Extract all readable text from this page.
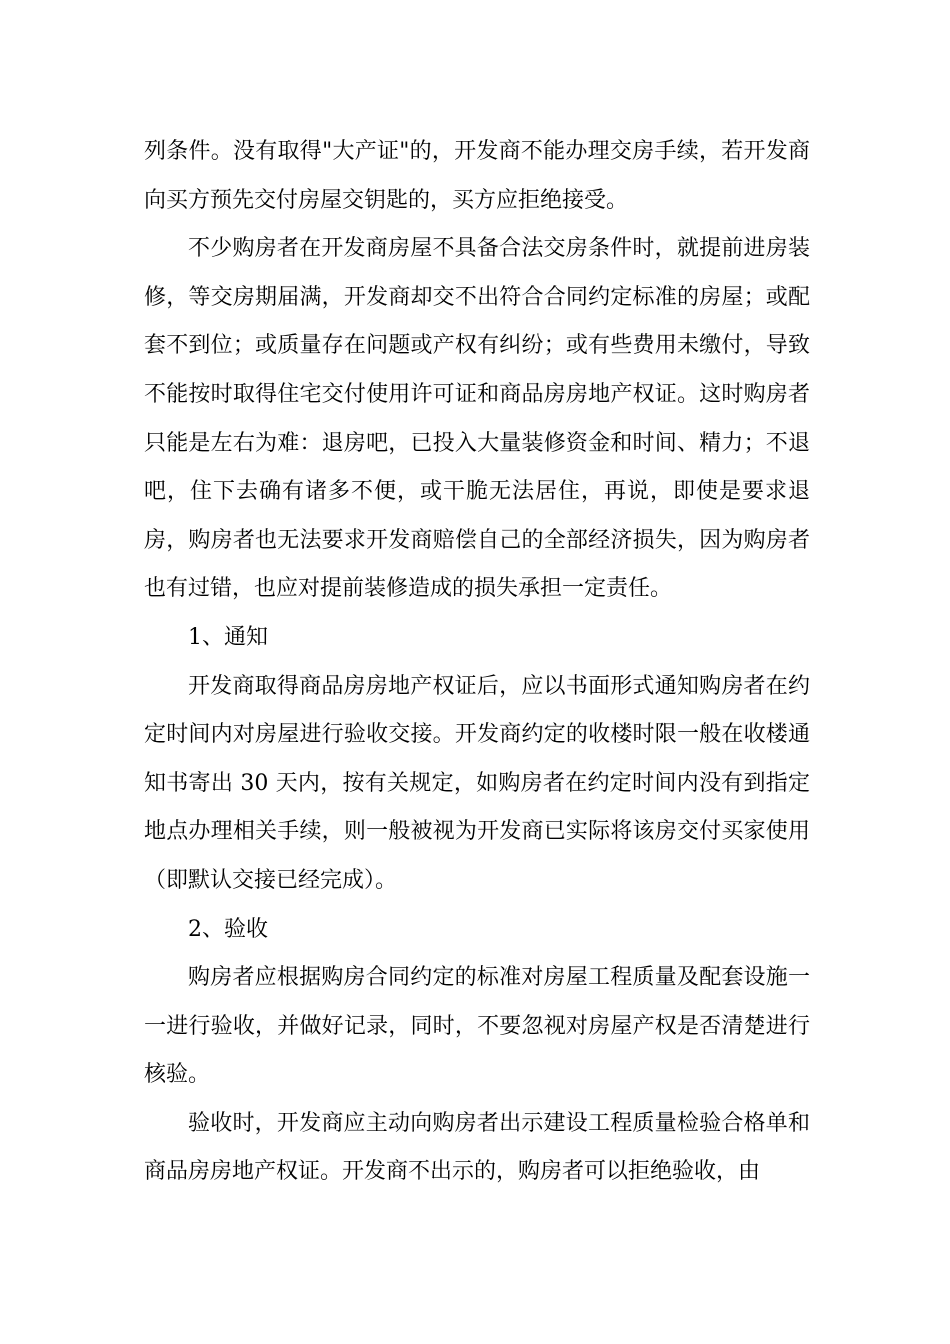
列条件。没有取得"大产证"的，开发商不能办理交房手续，若开发商向买方预先交付房屋交钥匙的，买方应拒绝接受。

不少购房者在开发商房屋不具备合法交房条件时，就提前进房装修，等交房期届满，开发商却交不出符合合同约定标准的房屋；或配套不到位；或质量存在问题或产权有纠纷；或有些费用未缴付，导致不能按时取得住宅交付使用许可证和商品房房地产权证。这时购房者只能是左右为难：退房吧，已投入大量装修资金和时间、精力；不退吧，住下去确有诸多不便，或干脆无法居住，再说，即使是要求退房，购房者也无法要求开发商赔偿自己的全部经济损失，因为购房者也有过错，也应对提前装修造成的损失承担一定责任。

1、通知

开发商取得商品房房地产权证后，应以书面形式通知购房者在约定时间内对房屋进行验收交接。开发商约定的收楼时限一般在收楼通知书寄出 30 天内，按有关规定，如购房者在约定时间内没有到指定地点办理相关手续，则一般被视为开发商已实际将该房交付买家使用（即默认交接已经完成）。

2、验收

购房者应根据购房合同约定的标准对房屋工程质量及配套设施一一进行验收，并做好记录，同时，不要忽视对房屋产权是否清楚进行核验。

验收时，开发商应主动向购房者出示建设工程质量检验合格单和商品房房地产权证。开发商不出示的，购房者可以拒绝验收，由
